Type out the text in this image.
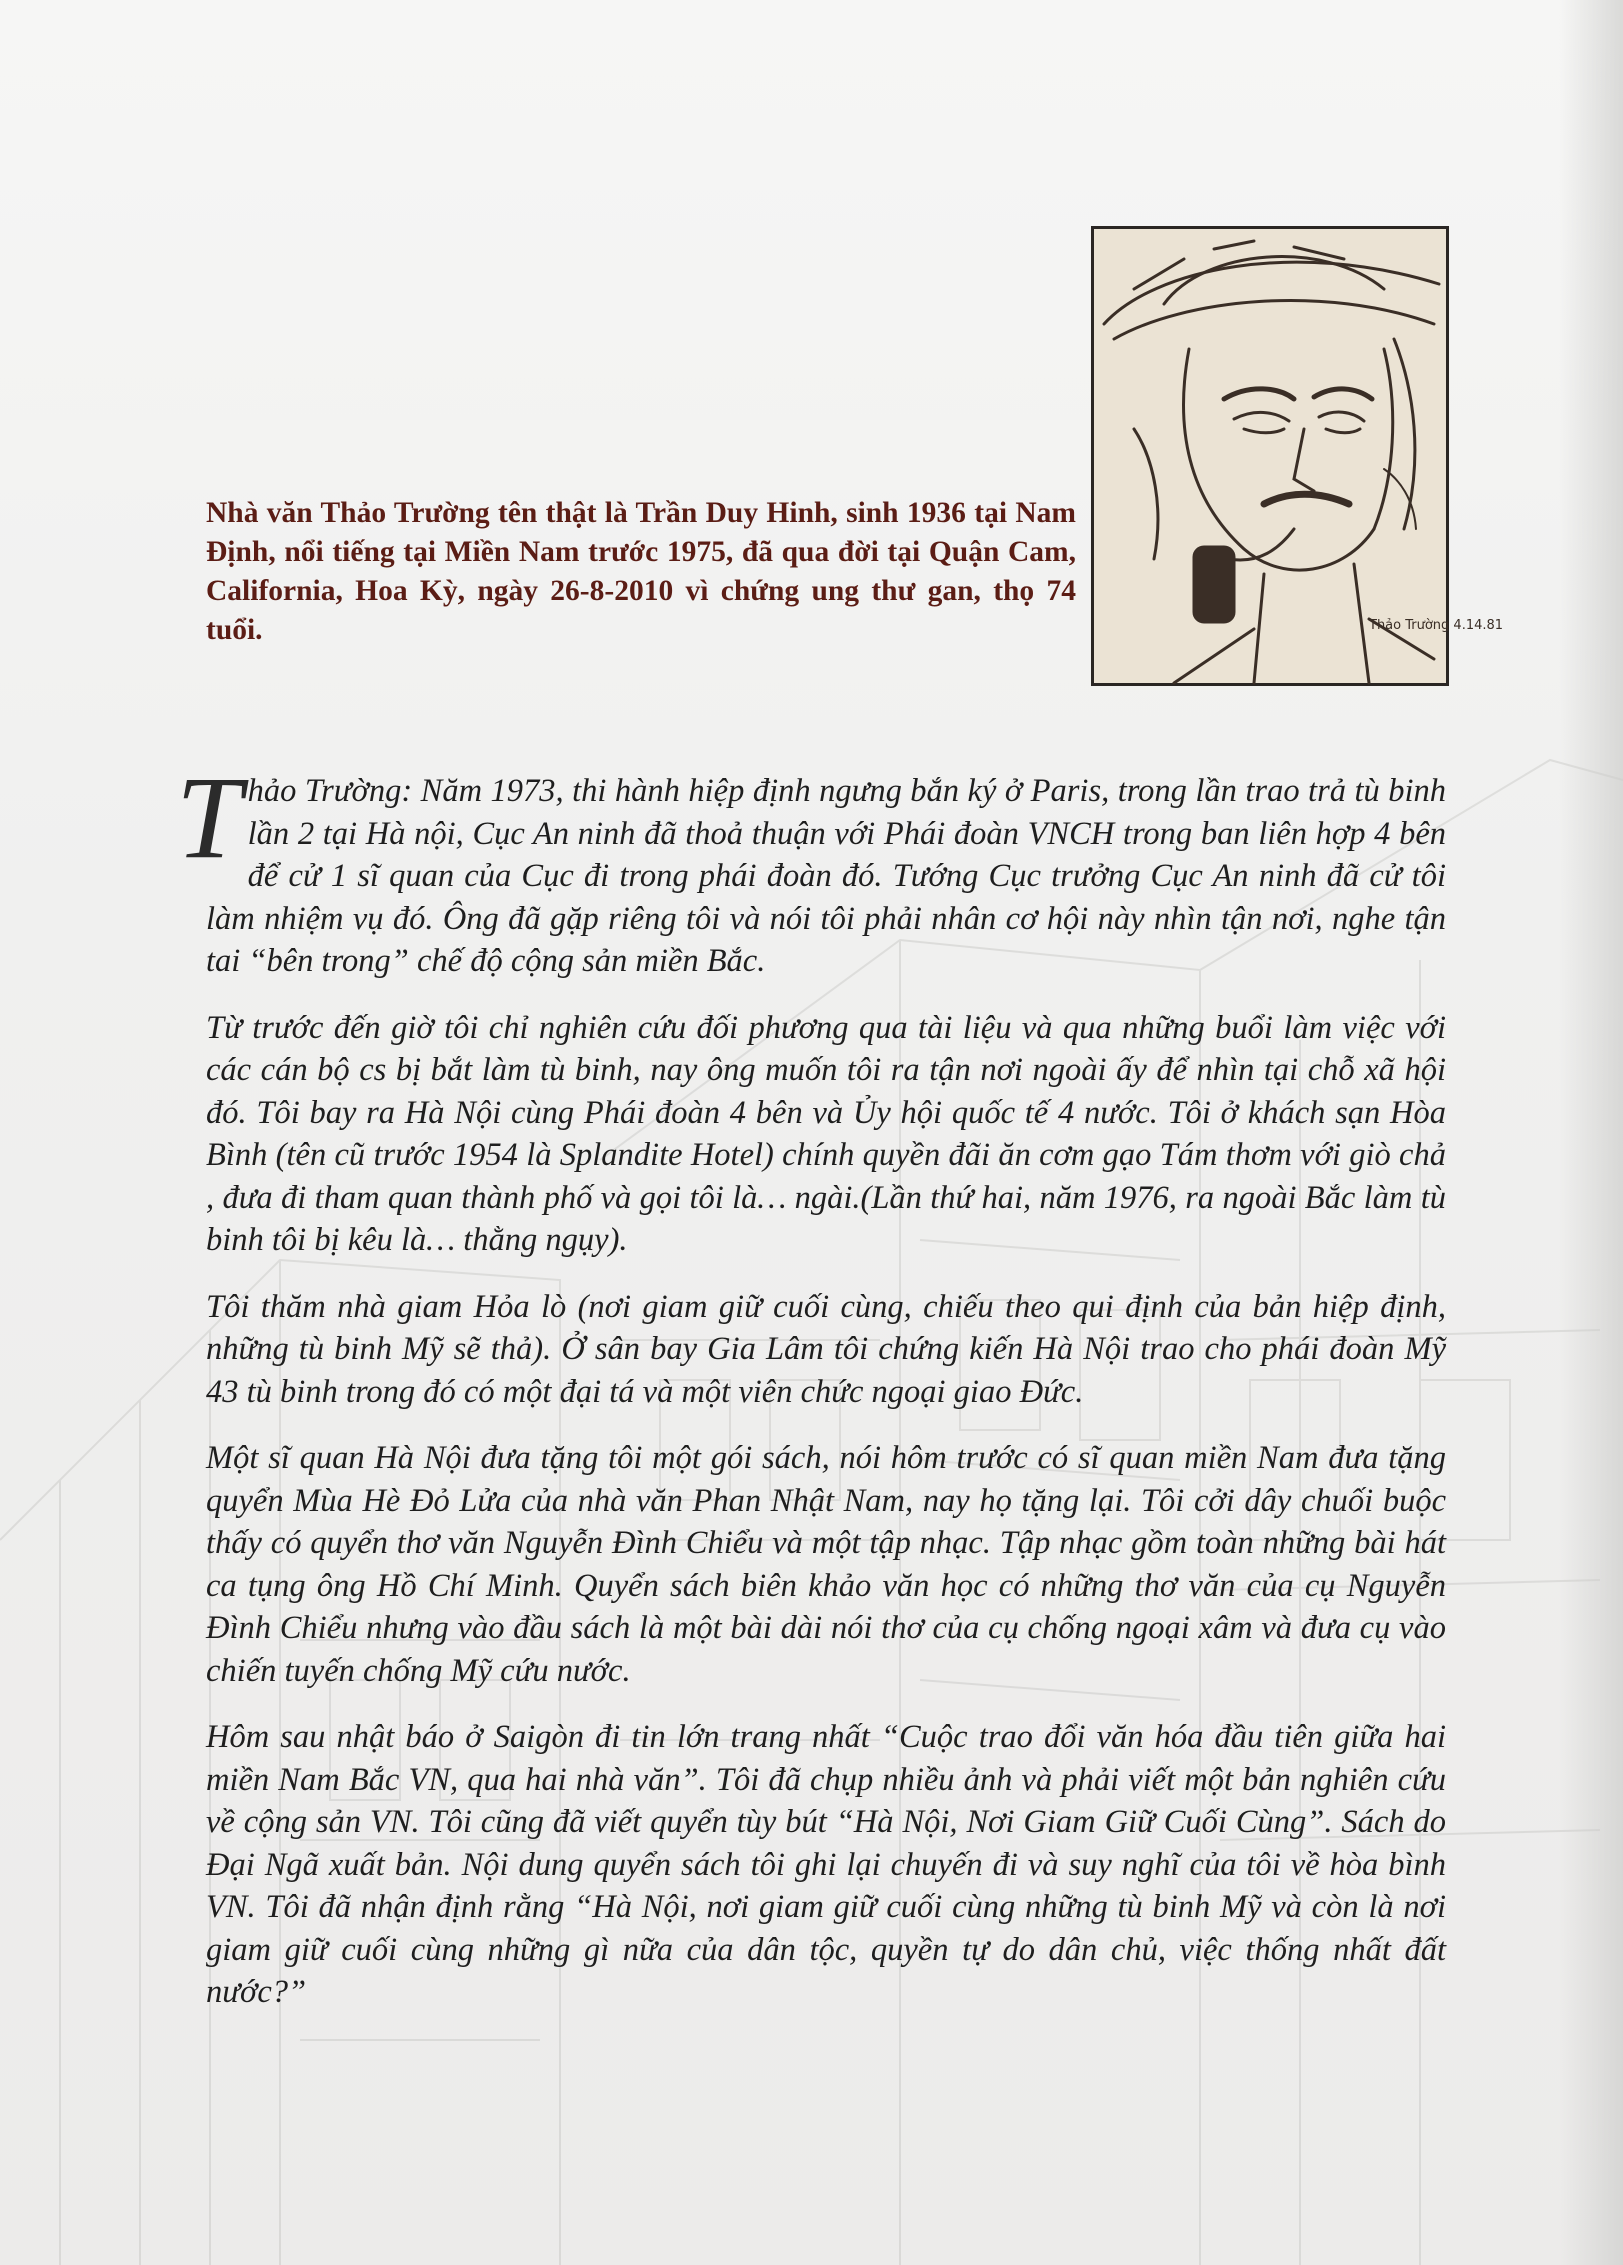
Thảo Trường 4.14.81
Nhà văn Thảo Trường tên thật là Trần Duy Hinh, sinh 1936 tại Nam Định, nổi tiếng tại Miền Nam trước 1975, đã qua đời tại Quận Cam, California, Hoa Kỳ, ngày 26-8-2010 vì chứng ung thư gan, thọ 74 tuổi.

Thảo Trường: Năm 1973, thi hành hiệp định ngưng bắn ký ở Paris, trong lần trao trả tù binh lần 2 tại Hà nội, Cục An ninh đã thoả thuận với Phái đoàn VNCH trong ban liên hợp 4 bên để cử 1 sĩ quan của Cục đi trong phái đoàn đó. Tướng Cục trưởng Cục An ninh đã cử tôi làm nhiệm vụ đó. Ông đã gặp riêng tôi và nói tôi phải nhân cơ hội này nhìn tận nơi, nghe tận tai “bên trong” chế độ cộng sản miền Bắc.

Từ trước đến giờ tôi chỉ nghiên cứu đối phương qua tài liệu và qua những buổi làm việc với các cán bộ cs bị bắt làm tù binh, nay ông muốn tôi ra tận nơi ngoài ấy để nhìn tại chỗ xã hội đó. Tôi bay ra Hà Nội cùng Phái đoàn 4 bên và Ủy hội quốc tế 4 nước. Tôi ở khách sạn Hòa Bình (tên cũ trước 1954 là Splandite Hotel) chính quyền đãi ăn cơm gạo Tám thơm với giò chả , đưa đi tham quan thành phố và gọi tôi là… ngài.(Lần thứ hai, năm 1976, ra ngoài Bắc làm tù binh tôi bị kêu là… thằng ngụy).

Tôi thăm nhà giam Hỏa lò (nơi giam giữ cuối cùng, chiếu theo qui định của bản hiệp định, những tù binh Mỹ sẽ thả). Ở sân bay Gia Lâm tôi chứng kiến Hà Nội trao cho phái đoàn Mỹ 43 tù binh trong đó có một đại tá và một viên chức ngoại giao Đức.

Một sĩ quan Hà Nội đưa tặng tôi một gói sách, nói hôm trước có sĩ quan miền Nam đưa tặng quyển Mùa Hè Đỏ Lửa của nhà văn Phan Nhật Nam, nay họ tặng lại. Tôi cởi dây chuối buộc thấy có quyển thơ văn Nguyễn Đình Chiểu và một tập nhạc. Tập nhạc gồm toàn những bài hát ca tụng ông Hồ Chí Minh. Quyển sách biên khảo văn học có những thơ văn của cụ Nguyễn Đình Chiểu nhưng vào đầu sách là một bài dài nói thơ của cụ chống ngoại xâm và đưa cụ vào chiến tuyến chống Mỹ cứu nước.

Hôm sau nhật báo ở Saigòn đi tin lớn trang nhất “Cuộc trao đổi văn hóa đầu tiên giữa hai miền Nam Bắc VN, qua hai nhà văn”. Tôi đã chụp nhiều ảnh và phải viết một bản nghiên cứu về cộng sản VN. Tôi cũng đã viết quyển tùy bút “Hà Nội, Nơi Giam Giữ Cuối Cùng”. Sách do Đại Ngã xuất bản. Nội dung quyển sách tôi ghi lại chuyến đi và suy nghĩ của tôi về hòa bình VN. Tôi đã nhận định rằng “Hà Nội, nơi giam giữ cuối cùng những tù binh Mỹ và còn là nơi giam giữ cuối cùng những gì nữa của dân tộc, quyền tự do dân chủ, việc thống nhất đất nước?”
